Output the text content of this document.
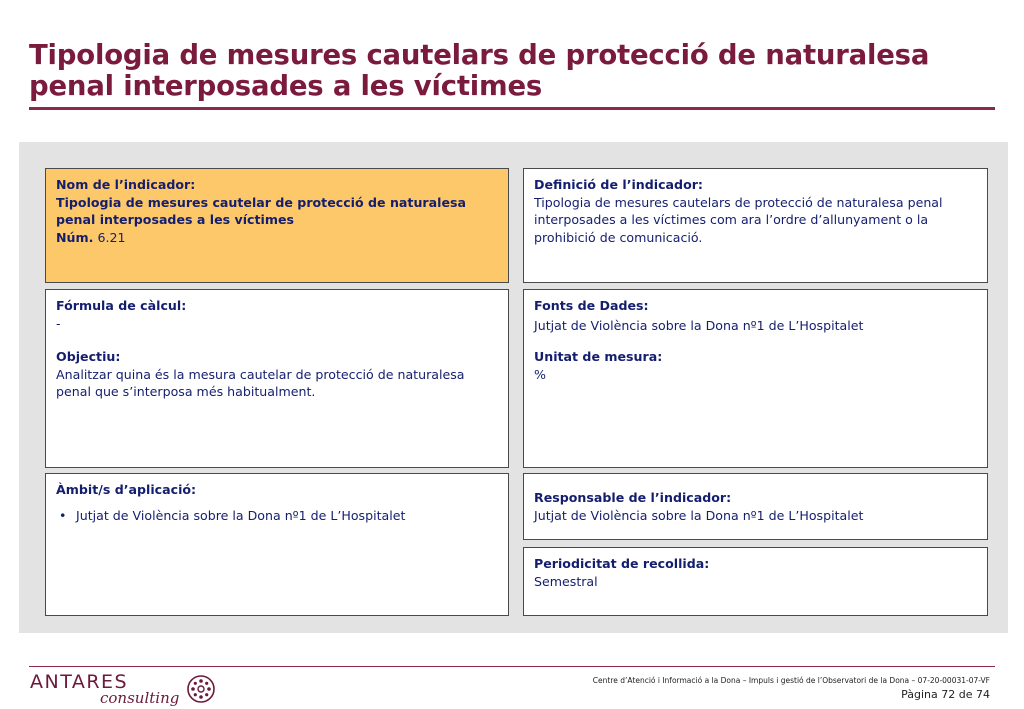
Tipologia de mesures cautelars de protecció de naturalesa penal interposades a les víctimes
Nom de l’indicador:
Tipologia de mesures cautelar de protecció de naturalesa penal interposades a les víctimes
Núm. 6.21
Definició de l’indicador:
Tipologia de mesures cautelars de protecció de naturalesa penal interposades a les víctimes com ara l’ordre d’allunyament o la prohibició de comunicació.
Fórmula de càlcul:
-
Objectiu:
Analitzar quina és la mesura cautelar de protecció de naturalesa penal que s’interposa més habitualment.
Fonts de Dades:
Jutjat de Violència sobre la Dona nº1 de L’Hospitalet
Unitat de mesura:
%
Àmbit/s d’aplicació:
• Jutjat de Violència sobre la Dona nº1 de L’Hospitalet
Responsable de l’indicador:
Jutjat de Violència sobre la Dona nº1 de L’Hospitalet
Periodicitat de recollida:
Semestral
ANTARES
consulting
Centre d’Atenció i Informació a la Dona – Impuls i gestió de l’Observatori de la Dona – 07-20-00031-07-VF
Pàgina 72 de 74
